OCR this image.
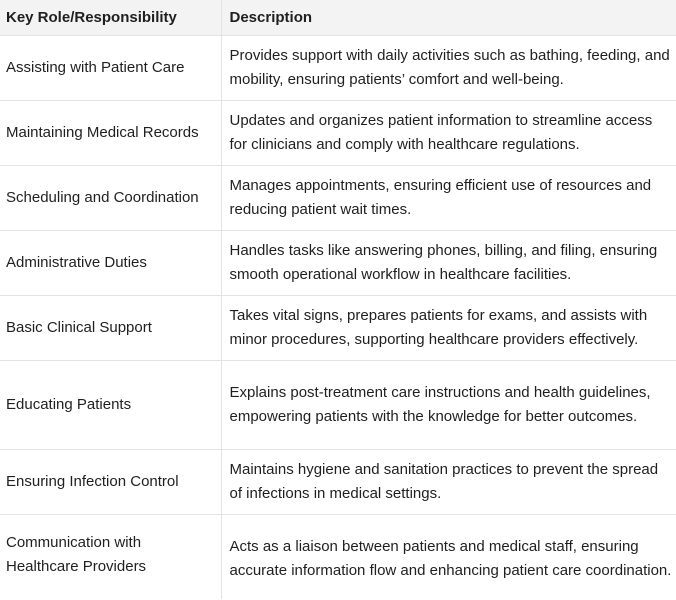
Key Role/Responsibility	Description
Assisting with Patient Care	Provides support with daily activities such as bathing, feeding, and mobility, ensuring patients’ comfort and well-being.
Maintaining Medical Records	Updates and organizes patient information to streamline access for clinicians and comply with healthcare regulations.
Scheduling and Coordination	Manages appointments, ensuring efficient use of resources and reducing patient wait times.
Administrative Duties	Handles tasks like answering phones, billing, and filing, ensuring smooth operational workflow in healthcare facilities.
Basic Clinical Support	Takes vital signs, prepares patients for exams, and assists with minor procedures, supporting healthcare providers effectively.
Educating Patients	Explains post-treatment care instructions and health guidelines, empowering patients with the knowledge for better outcomes.
Ensuring Infection Control	Maintains hygiene and sanitation practices to prevent the spread of infections in medical settings.
Communication with Healthcare Providers	Acts as a liaison between patients and medical staff, ensuring accurate information flow and enhancing patient care coordination.
